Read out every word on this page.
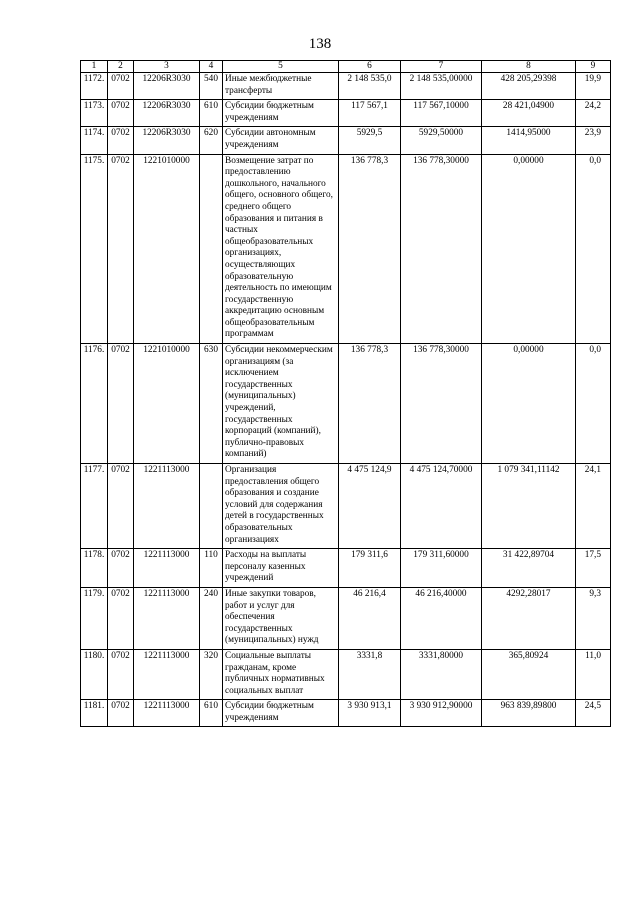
138
1	2	3	4	5	6	7	8	9
1172.	0702	12206R3030	540	Иные межбюджетные трансферты	2 148 535,0	2 148 535,00000	428 205,29398	19,9
1173.	0702	12206R3030	610	Субсидии бюджетным учреждениям	117 567,1	117 567,10000	28 421,04900	24,2
1174.	0702	12206R3030	620	Субсидии автономным учреждениям	5929,5	5929,50000	1414,95000	23,9
1175.	0702	1221010000		Возмещение затрат по предоставлению дошкольного, начального общего, основного общего, среднего общего образования и питания в частных общеобразовательных организациях, осуществляющих образовательную деятельность по имеющим государственную аккредитацию основным общеобразовательным программам	136 778,3	136 778,30000	0,00000	0,0
1176.	0702	1221010000	630	Субсидии некоммерческим организациям (за исключением государственных (муниципальных) учреждений, государственных корпораций (компаний), публично-правовых компаний)	136 778,3	136 778,30000	0,00000	0,0
1177.	0702	1221113000		Организация предоставления общего образования и создание условий для содержания детей в государственных образовательных организациях	4 475 124,9	4 475 124,70000	1 079 341,11142	24,1
1178.	0702	1221113000	110	Расходы на выплаты персоналу казенных учреждений	179 311,6	179 311,60000	31 422,89704	17,5
1179.	0702	1221113000	240	Иные закупки товаров, работ и услуг для обеспечения государственных (муниципальных) нужд	46 216,4	46 216,40000	4292,28017	9,3
1180.	0702	1221113000	320	Социальные выплаты гражданам, кроме публичных нормативных социальных выплат	3331,8	3331,80000	365,80924	11,0
1181.	0702	1221113000	610	Субсидии бюджетным учреждениям	3 930 913,1	3 930 912,90000	963 839,89800	24,5
